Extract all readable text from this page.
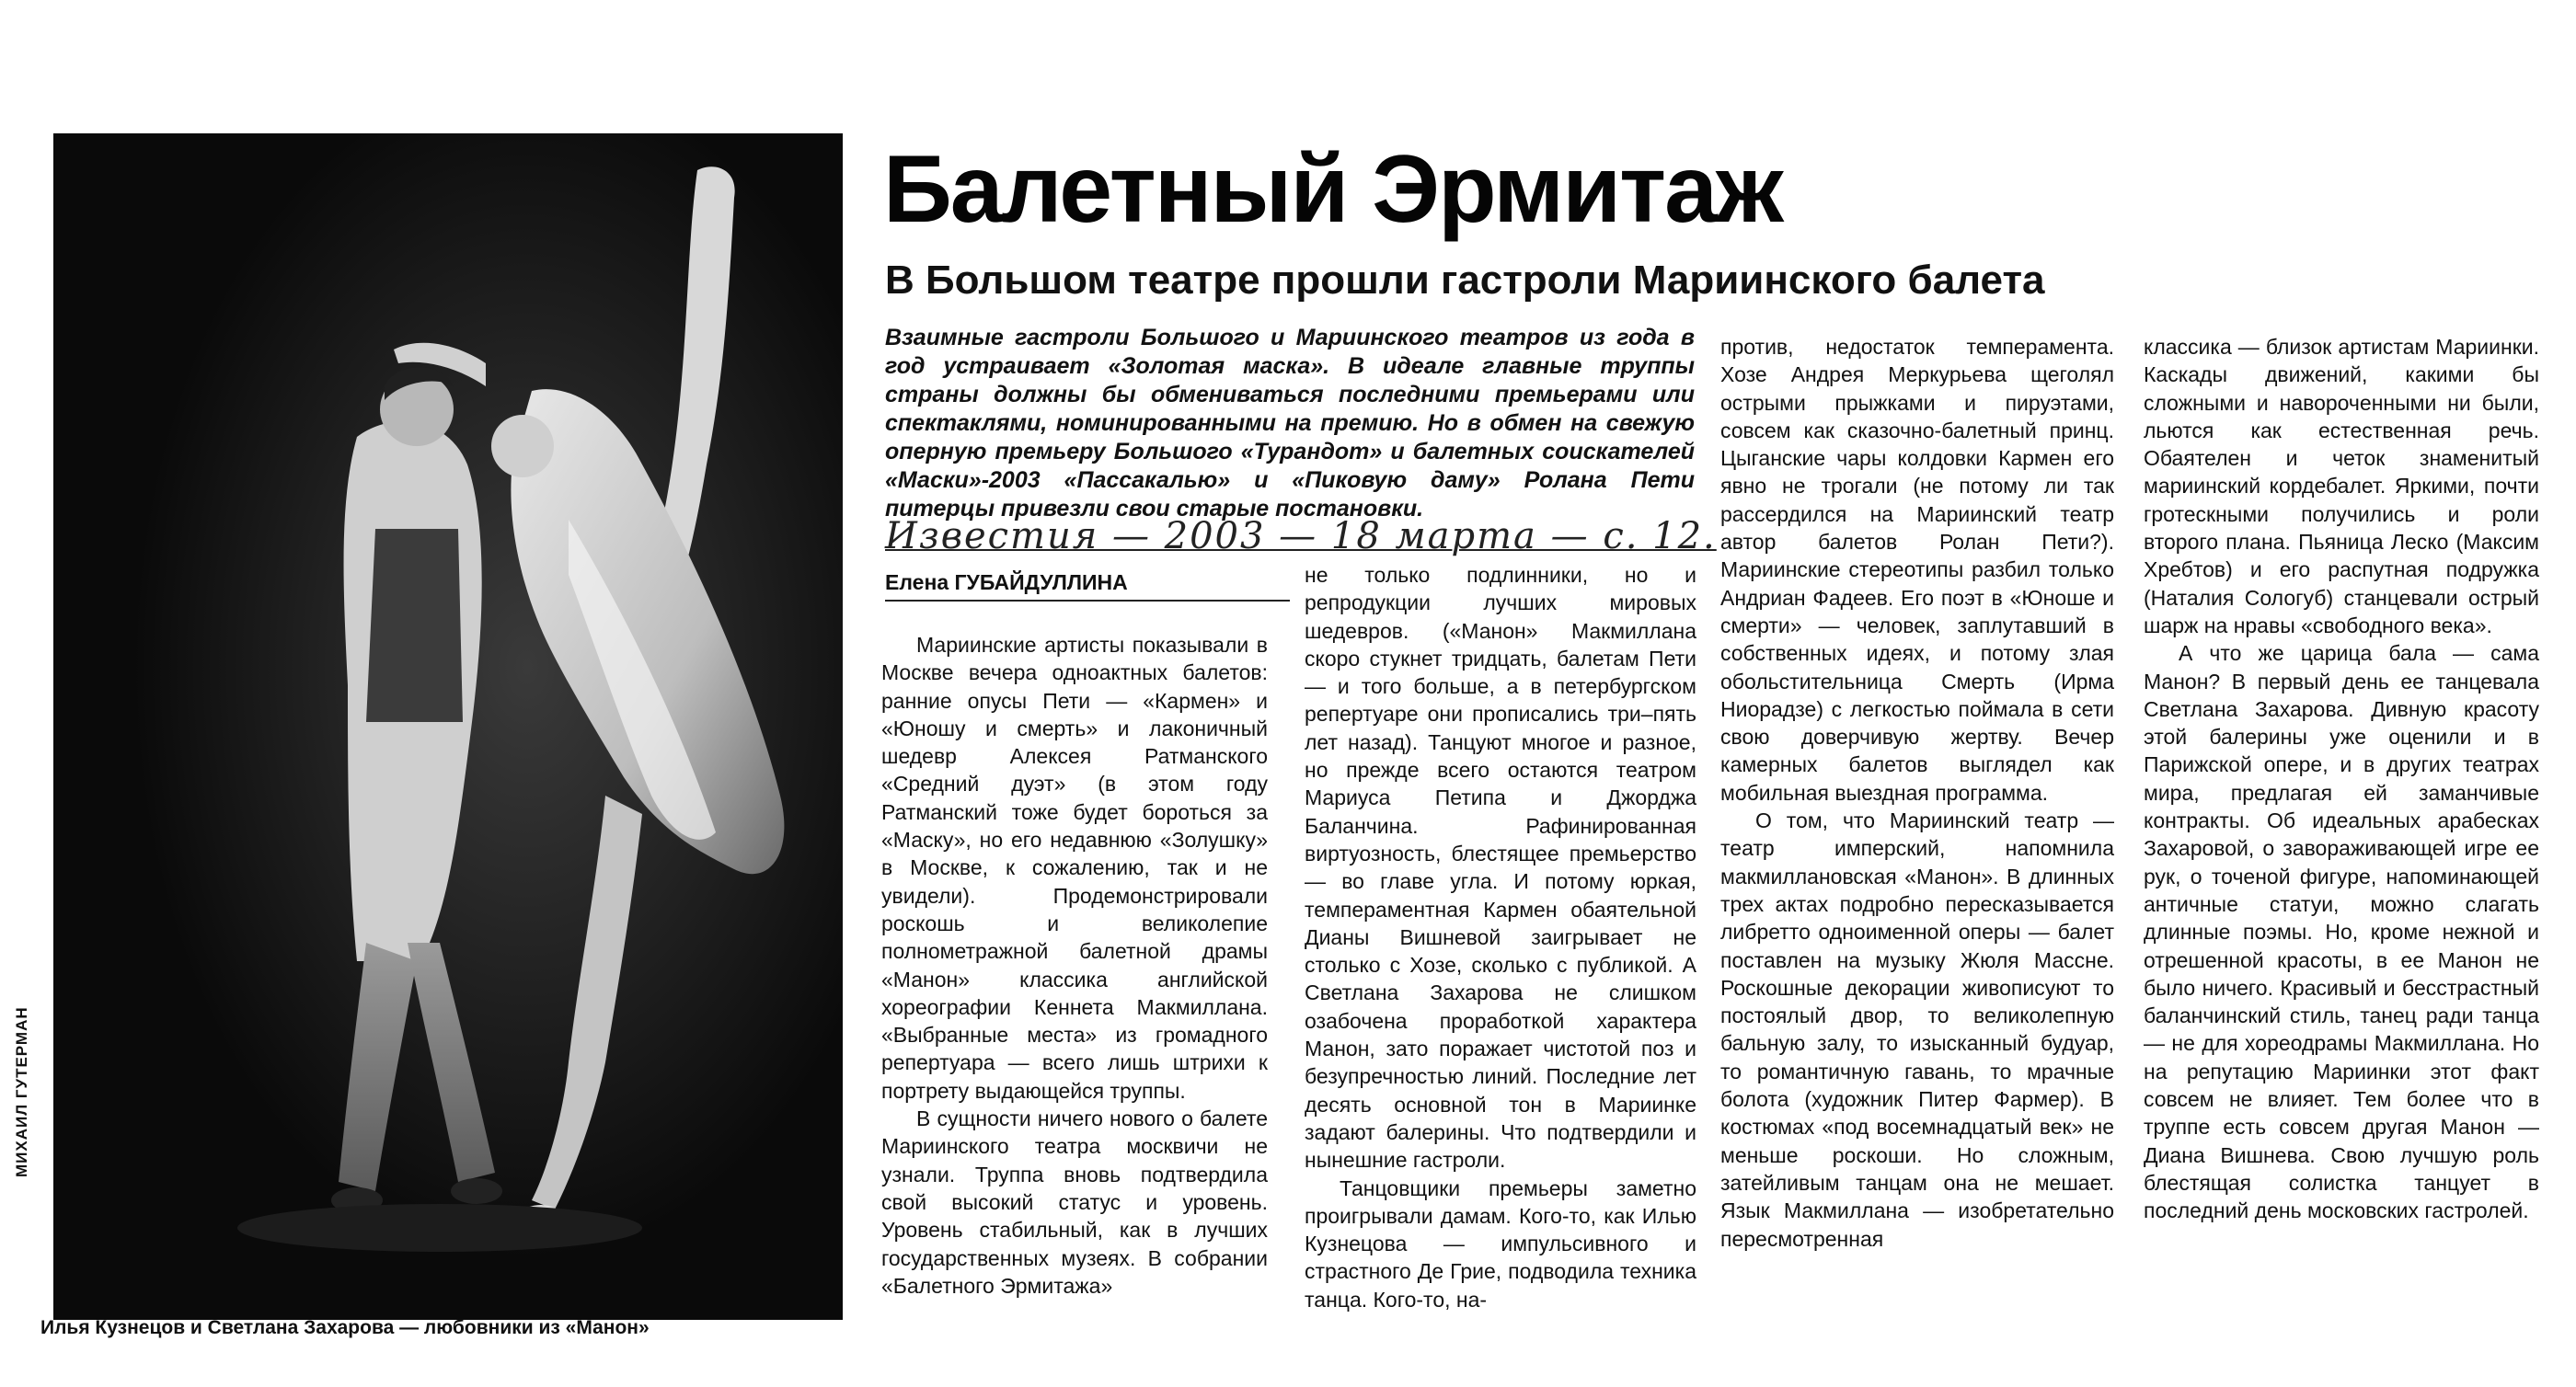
МИХАИЛ ГУТЕРМАН
Илья Кузнецов и Светлана Захарова — любовники из «Манон»
Балетный Эрмитаж
В Большом театре прошли гастроли Мариинского балета
Взаимные гастроли Большого и Мариинского театров из года в год устраивает «Золотая маска». В идеале главные труппы страны должны бы обмениваться последними премьерами или спектаклями, номинированными на премию. Но в обмен на свежую оперную премьеру Большого «Турандот» и балетных соискателей «Маски»-2003 «Пассакалью» и «Пиковую даму» Ролана Пети питерцы привезли свои старые постановки.
Известия — 2003 — 18 марта — с. 12.
Елена ГУБАЙДУЛЛИНА

Мариинские артисты показывали в Москве вечера одноактных балетов: ранние опусы Пети — «Кармен» и «Юношу и смерть» и лаконичный шедевр Алексея Ратманского «Средний дуэт» (в этом году Ратманский тоже будет бороться за «Маску», но его недавнюю «Золушку» в Москве, к сожалению, так и не увидели). Продемонстрировали роскошь и великолепие полнометражной балетной драмы «Манон» классика английской хореографии Кеннета Макмиллана. «Выбранные места» из громадного репертуара — всего лишь штрихи к портрету выдающейся труппы.

В сущности ничего нового о балете Мариинского театра москвичи не узнали. Труппа вновь подтвердила свой высокий статус и уровень. Уровень стабильный, как в лучших государственных музеях. В собрании «Балетного Эрмитажа»

не только подлинники, но и репродукции лучших мировых шедевров. («Манон» Макмиллана скоро стукнет тридцать, балетам Пети — и того больше, а в петербургском репертуаре они прописались три–пять лет назад). Танцуют многое и разное, но прежде всего остаются театром Мариуса Петипа и Джорджа Баланчина. Рафинированная виртуозность, блестящее премьерство — во главе угла. И потому юркая, темпераментная Кармен обаятельной Дианы Вишневой заигрывает не столько с Хозе, сколько с публикой. А Светлана Захарова не слишком озабочена проработкой характера Манон, зато поражает чистотой поз и безупречностью линий. Последние лет десять основной тон в Мариинке задают балерины. Что подтвердили и нынешние гастроли.

Танцовщики премьеры заметно проигрывали дамам. Кого-то, как Илью Кузнецова — импульсивного и страстного Де Грие, подводила техника танца. Кого-то, на-

против, недостаток темперамента. Хозе Андрея Меркурьева щеголял острыми прыжками и пируэтами, совсем как сказочно-балетный принц. Цыганские чары колдовки Кармен его явно не трогали (не потому ли так рассердился на Мариинский театр автор балетов Ролан Пети?). Мариинские стереотипы разбил только Андриан Фадеев. Его поэт в «Юноше и смерти» — человек, заплутавший в собственных идеях, и потому злая обольстительница Смерть (Ирма Ниорадзе) с легкостью поймала в сети свою доверчивую жертву. Вечер камерных балетов выглядел как мобильная выездная программа.

О том, что Мариинский театр — театр имперский, напомнила макмиллановская «Манон». В длинных трех актах подробно пересказывается либретто одноименной оперы — балет поставлен на музыку Жюля Массне. Роскошные декорации живописуют то постоялый двор, то великолепную бальную залу, то изысканный будуар, то романтичную гавань, то мрачные болота (художник Питер Фармер). В костюмах «под восемнадцатый век» не меньше роскоши. Но сложным, затейливым танцам она не мешает. Язык Макмиллана — изобретательно пересмотренная

классика — близок артистам Мариинки. Каскады движений, какими бы сложными и навороченными ни были, льются как естественная речь. Обаятелен и четок знаменитый мариинский кордебалет. Яркими, почти гротескными получились и роли второго плана. Пьяница Леско (Максим Хребтов) и его распутная подружка (Наталия Сологуб) станцевали острый шарж на нравы «свободного века».

А что же царица бала — сама Манон? В первый день ее танцевала Светлана Захарова. Дивную красоту этой балерины уже оценили и в Парижской опере, и в других театрах мира, предлагая ей заманчивые контракты. Об идеальных арабесках Захаровой, о завораживающей игре ее рук, о точеной фигуре, напоминающей античные статуи, можно слагать длинные поэмы. Но, кроме нежной и отрешенной красоты, в ее Манон не было ничего. Красивый и бесстрастный баланчинский стиль, танец ради танца — не для хореодрамы Макмиллана. Но на репутацию Мариинки этот факт совсем не влияет. Тем более что в труппе есть совсем другая Манон — Диана Вишнева. Свою лучшую роль блестящая солистка танцует в последний день московских гастролей.
